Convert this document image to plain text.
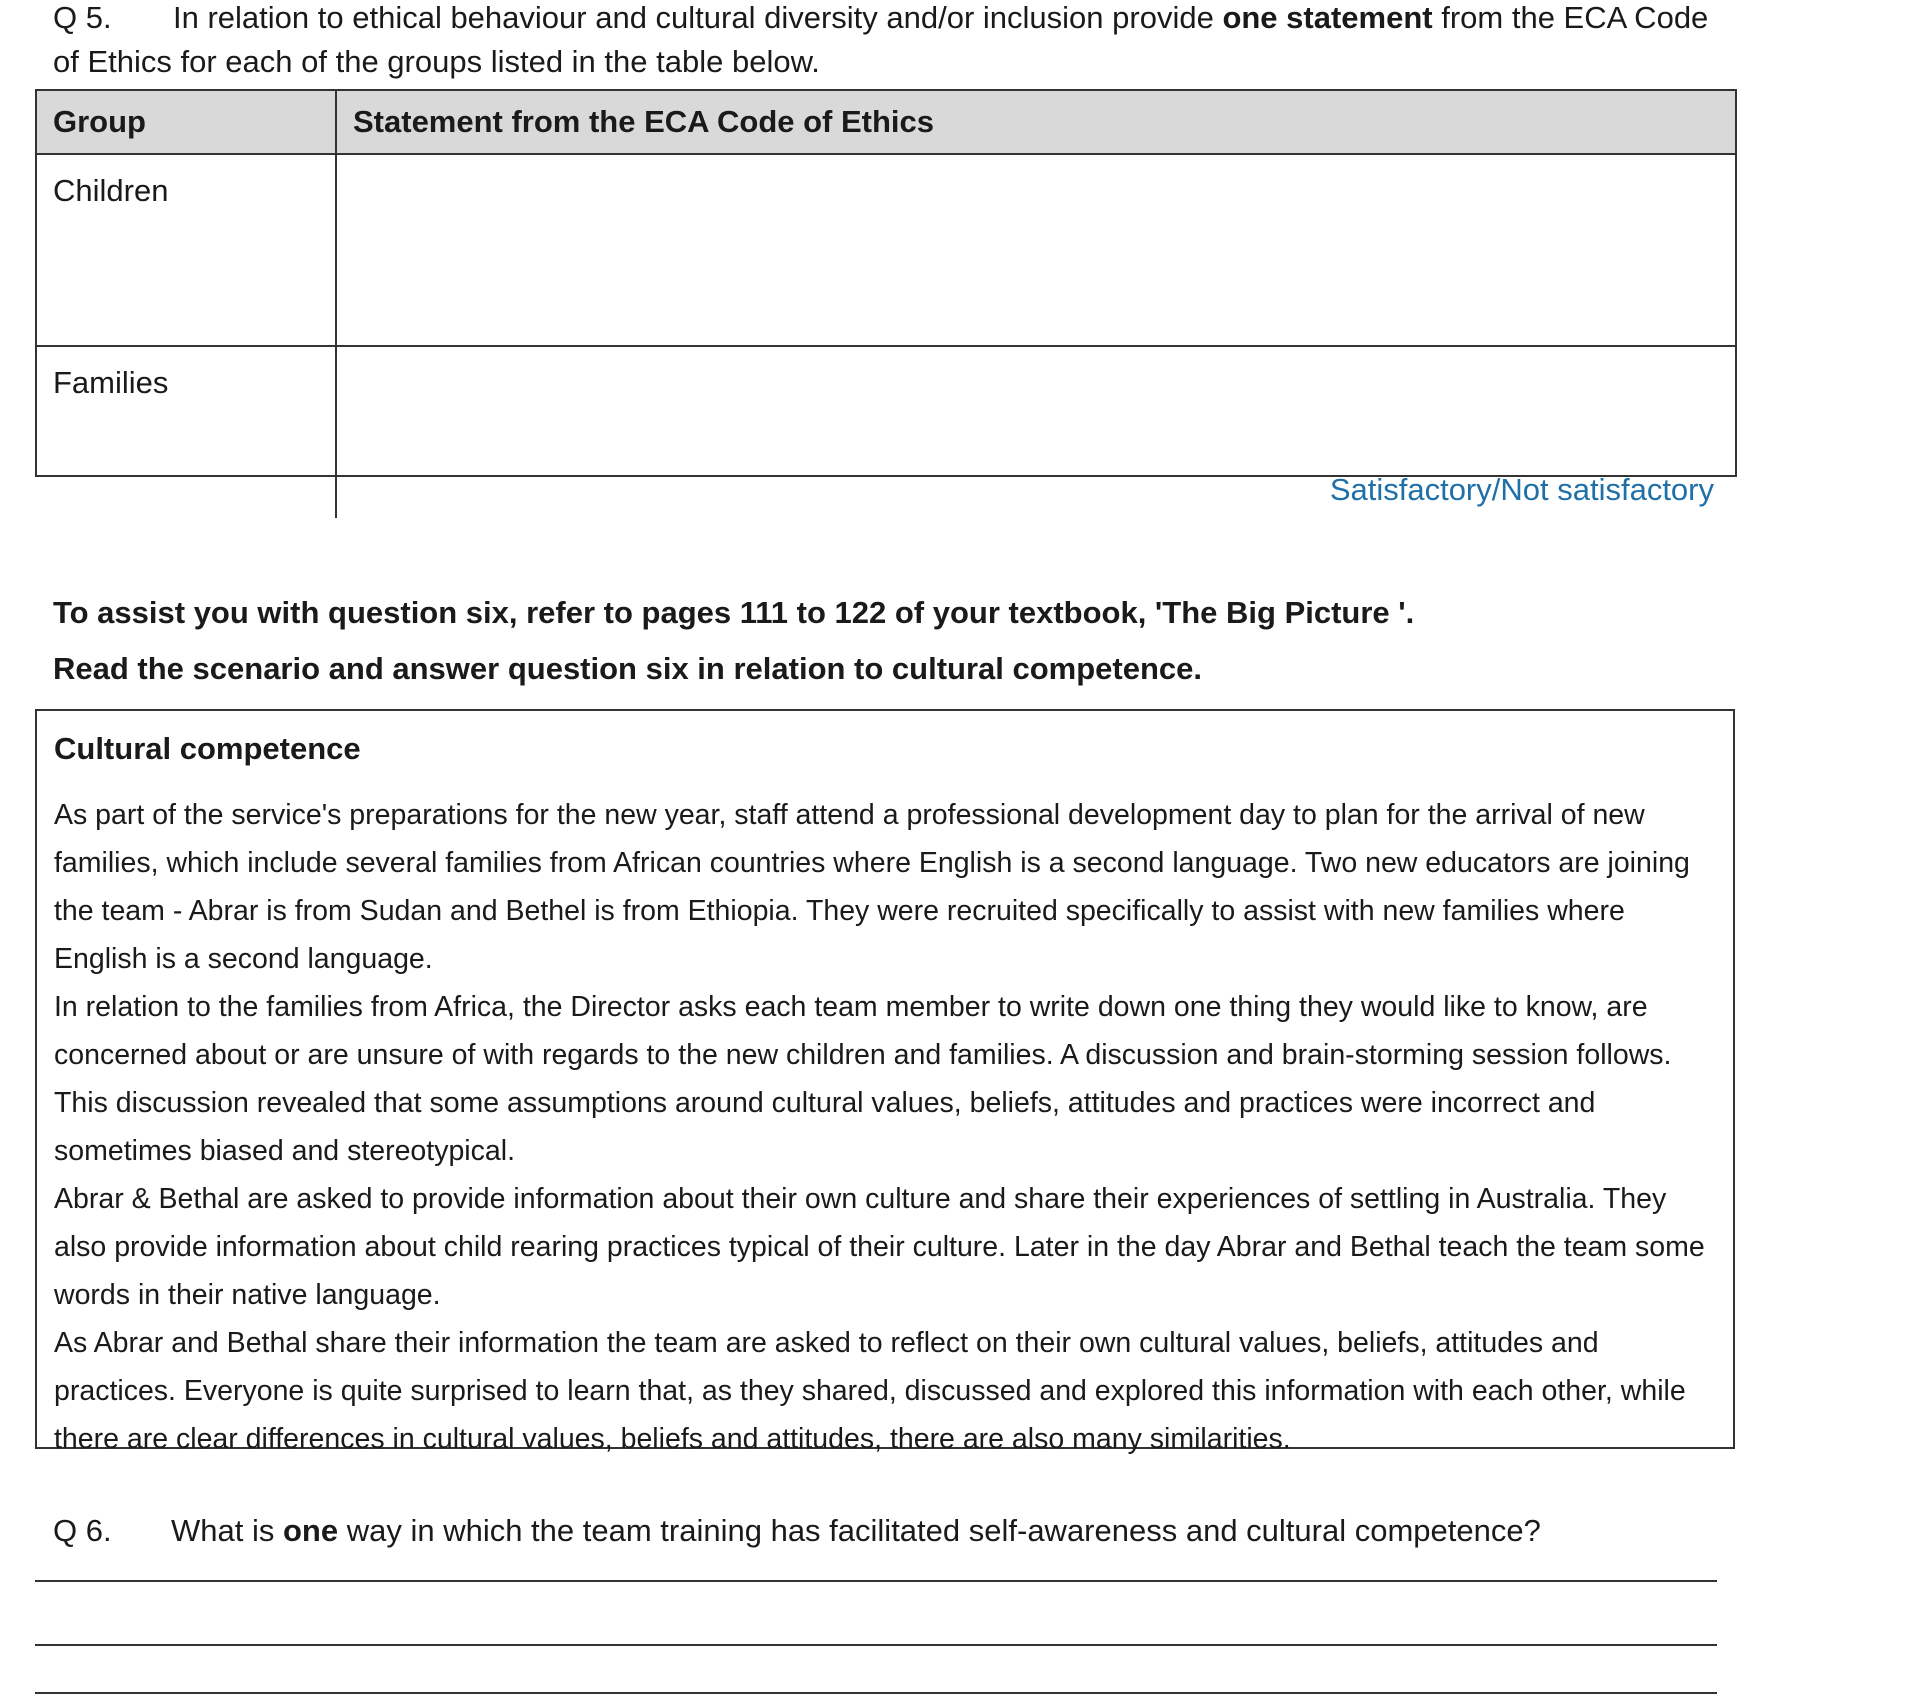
Q 5. In relation to ethical behaviour and cultural diversity and/or inclusion provide one statement from the ECA Code of Ethics for each of the groups listed in the table below.
Group	Statement from the ECA Code of Ethics
Children	
Families	
Satisfactory/Not satisfactory
To assist you with question six, refer to pages 111 to 122 of your textbook, 'The Big Picture '.
Read the scenario and answer question six in relation to cultural competence.
Cultural competence

As part of the service's preparations for the new year, staff attend a professional development day to plan for the arrival of new families, which include several families from African countries where English is a second language. Two new educators are joining the team - Abrar is from Sudan and Bethel is from Ethiopia. They were recruited specifically to assist with new families where English is a second language.

In relation to the families from Africa, the Director asks each team member to write down one thing they would like to know, are concerned about or are unsure of with regards to the new children and families. A discussion and brain-storming session follows. This discussion revealed that some assumptions around cultural values, beliefs, attitudes and practices were incorrect and sometimes biased and stereotypical.

Abrar & Bethal are asked to provide information about their own culture and share their experiences of settling in Australia. They also provide information about child rearing practices typical of their culture. Later in the day Abrar and Bethal teach the team some words in their native language.

As Abrar and Bethal share their information the team are asked to reflect on their own cultural values, beliefs, attitudes and practices. Everyone is quite surprised to learn that, as they shared, discussed and explored this information with each other, while there are clear differences in cultural values, beliefs and attitudes, there are also many similarities.

Q 6. What is one way in which the team training has facilitated self-awareness and cultural competence?
